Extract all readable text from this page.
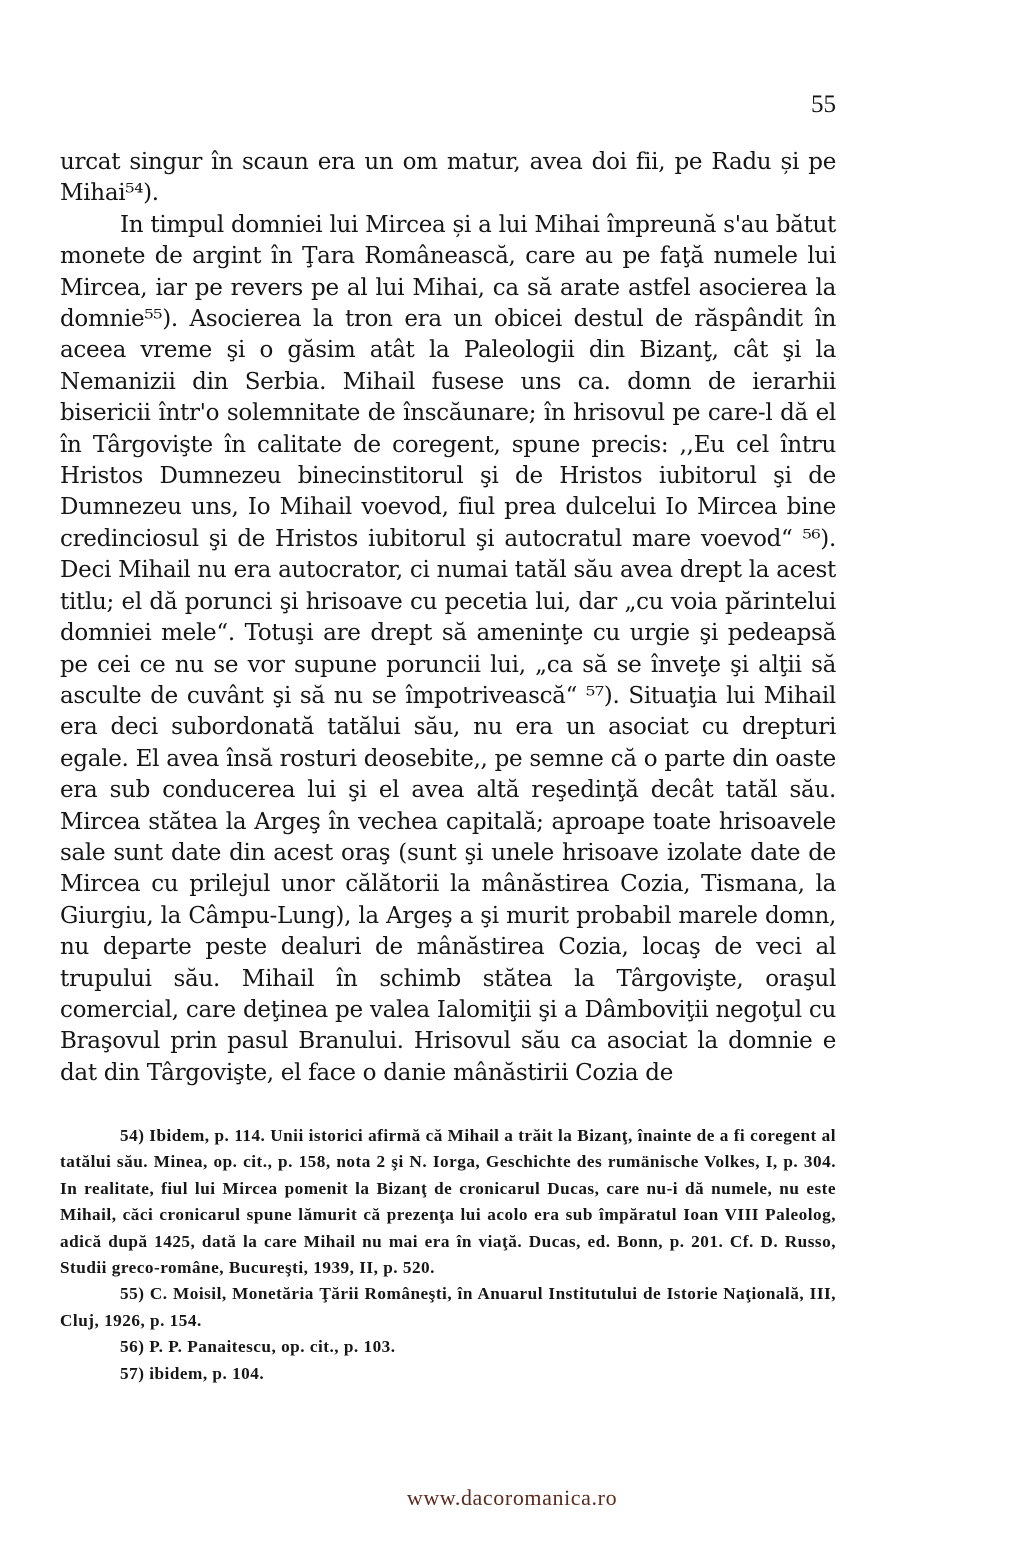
55

urcat singur în scaun era un om matur, avea doi fii, pe Radu și pe Mihai⁵⁴).

In timpul domniei lui Mircea și a lui Mihai împreună s'au bătut monete de argint în Ţara Românească, care au pe faţă numele lui Mircea, iar pe revers pe al lui Mihai, ca să arate astfel asocierea la domnie⁵⁵). Asocierea la tron era un obicei destul de răspândit în aceea vreme şi o găsim atât la Paleologii din Bizanţ, cât şi la Nemanizii din Serbia. Mihail fusese uns ca. domn de ierarhii bisericii într'o solemnitate de înscăunare; în hrisovul pe care-l dă el în Târgovişte în calitate de coregent, spune precis: ,,Eu cel întru Hristos Dumnezeu binecinstitorul şi de Hristos iubitorul şi de Dumnezeu uns, Io Mihail voevod, fiul prea dulcelui Io Mircea bine credinciosul şi de Hristos iubitorul şi autocratul mare voevod“ ⁵⁶). Deci Mihail nu era autocrator, ci numai tatăl său avea drept la acest titlu; el dă porunci şi hrisoave cu pecetia lui, dar „cu voia părintelui domniei mele“. Totuşi are drept să ameninţe cu urgie şi pedeapsă pe cei ce nu se vor supune poruncii lui, „ca să se înveţe şi alţii să asculte de cuvânt şi să nu se împotrivească“ ⁵⁷). Situaţia lui Mihail era deci subordonată tatălui său, nu era un asociat cu drepturi egale. El avea însă rosturi deosebite,, pe semne că o parte din oaste era sub conducerea lui şi el avea altă reşedinţă decât tatăl său. Mircea stătea la Argeş în vechea capitală; aproape toate hrisoavele sale sunt date din acest oraş (sunt şi unele hrisoave izolate date de Mircea cu prilejul unor călătorii la mânăstirea Cozia, Tismana, la Giurgiu, la Câmpu-Lung), la Argeş a şi murit probabil marele domn, nu departe peste dealuri de mânăstirea Cozia, locaş de veci al trupului său. Mihail în schimb stătea la Târgovişte, oraşul comercial, care deţinea pe valea Ialomiţii şi a Dâmboviţii negoţul cu Braşovul prin pasul Branului. Hrisovul său ca asociat la domnie e dat din Târgovişte, el face o danie mânăstirii Cozia de

54) Ibidem, p. 114. Unii istorici afirmă că Mihail a trăit la Bizanţ, înainte de a fi coregent al tatălui său. Minea, op. cit., p. 158, nota 2 şi N. Iorga, Geschichte des rumänische Volkes, I, p. 304. In realitate, fiul lui Mircea pomenit la Bizanţ de cronicarul Ducas, care nu-i dă numele, nu este Mihail, căci cronicarul spune lămurit că prezenţa lui acolo era sub împăratul Ioan VIII Paleolog, adică după 1425, dată la care Mihail nu mai era în viaţă. Ducas, ed. Bonn, p. 201. Cf. D. Russo, Studii greco-române, Bucureşti, 1939, II, p. 520.

55) C. Moisil, Monetăria Ţării Româneşti, în Anuarul Institutului de Istorie Naţională, III, Cluj, 1926, p. 154.

56) P. P. Panaitescu, op. cit., p. 103.

57) ibidem, p. 104.

www.dacoromanica.ro
